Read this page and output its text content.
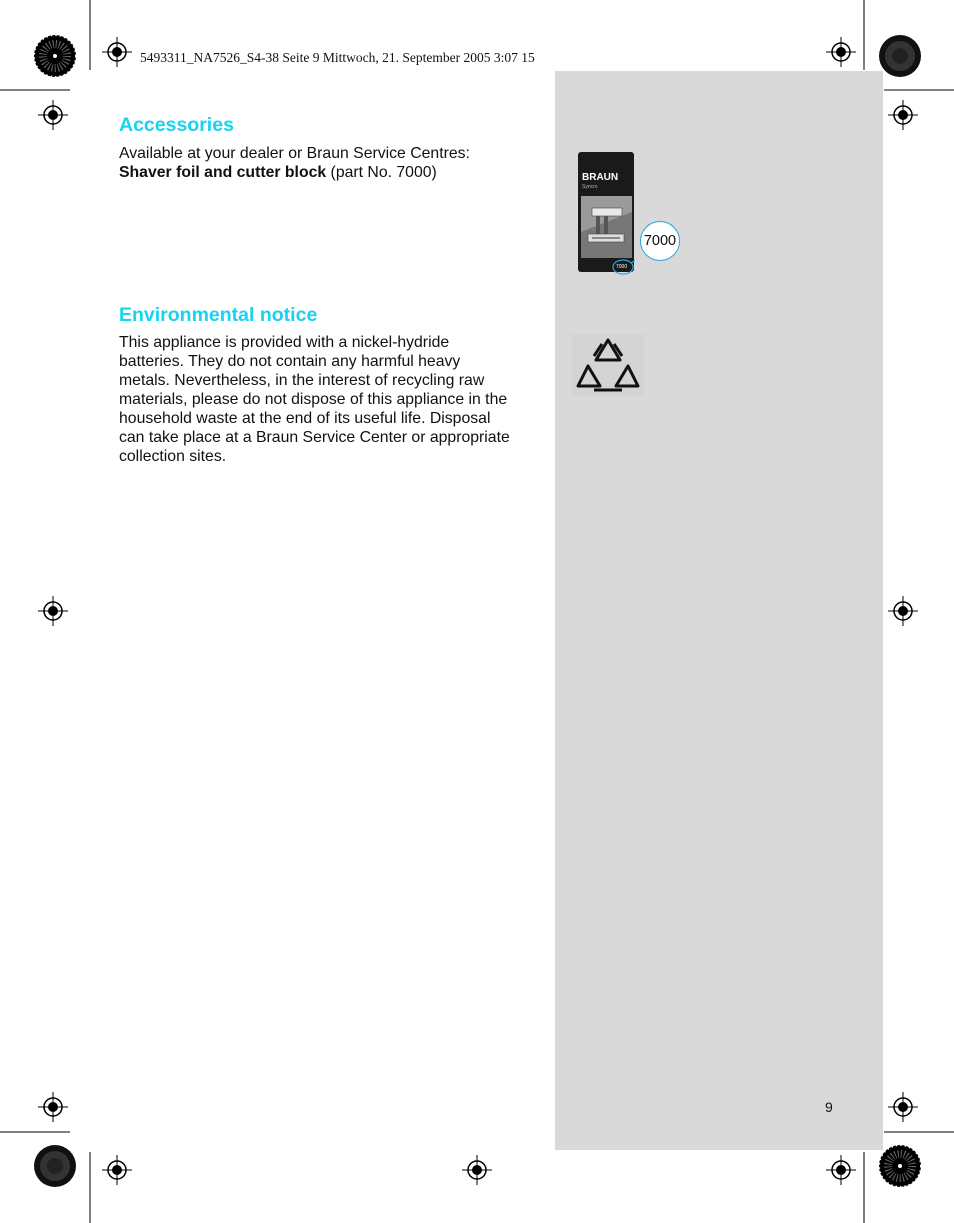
5493311_NA7526_S4-38 Seite 9 Mittwoch, 21. September 2005 3:07 15
Accessories

Available at your dealer or Braun Service Centres:
Shaver foil and cutter block (part No. 7000)

Environmental notice

This appliance is provided with a nickel-hydride
batteries. They do not contain any harmful heavy
metals. Nevertheless, in the interest of recycling raw
materials, please do not dispose of this appliance in the
household waste at the end of its useful life. Disposal
can take place at a Braun Service Center or appropriate
collection sites.

BRAUN
Syncro
7000
7000
9
